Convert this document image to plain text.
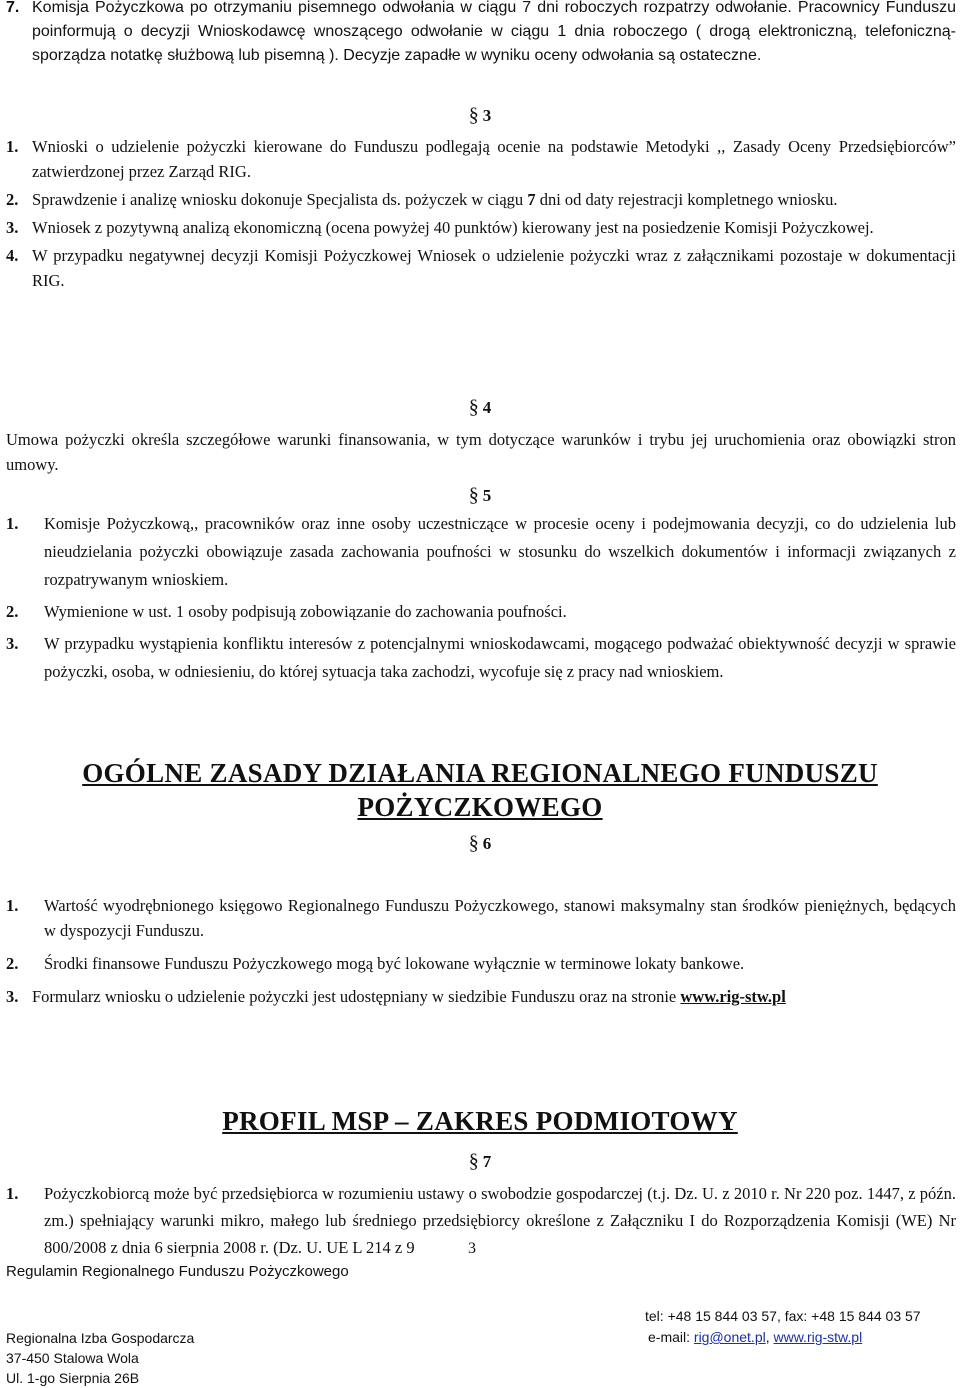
7. Komisja Pożyczkowa po otrzymaniu pisemnego odwołania w ciągu 7 dni roboczych rozpatrzy odwołanie. Pracownicy Funduszu poinformują o decyzji Wnioskodawcę wnoszącego odwołanie w ciągu 1 dnia roboczego ( drogą elektroniczną, telefoniczną- sporządza notatkę służbową lub pisemną ). Decyzje zapadłe w wyniku oceny odwołania są ostateczne.
§ 3
1. Wnioski o udzielenie pożyczki kierowane do Funduszu podlegają ocenie na podstawie Metodyki ,, Zasady Oceny Przedsiębiorców” zatwierdzonej przez Zarząd RIG.
2. Sprawdzenie i analizę wniosku dokonuje Specjalista ds. pożyczek w ciągu 7 dni od daty rejestracji kompletnego wniosku.
3. Wniosek z pozytywną analizą ekonomiczną (ocena powyżej 40 punktów) kierowany jest na posiedzenie Komisji Pożyczkowej.
4. W przypadku negatywnej decyzji Komisji Pożyczkowej Wniosek o udzielenie pożyczki wraz z załącznikami pozostaje w dokumentacji RIG.
§ 4
Umowa pożyczki określa szczegółowe warunki finansowania, w tym dotyczące warunków i trybu jej uruchomienia oraz obowiązki stron umowy.
§ 5
1. Komisje Pożyczkową,, pracowników oraz inne osoby uczestniczące w procesie oceny i podejmowania decyzji, co do udzielenia lub nieudzielania pożyczki obowiązuje zasada zachowania poufności w stosunku do wszelkich dokumentów i informacji związanych z rozpatrywanym wnioskiem.
2. Wymienione w ust. 1 osoby podpisują zobowiązanie do zachowania poufności.
3. W przypadku wystąpienia konfliktu interesów z potencjalnymi wnioskodawcami, mogącego podważać obiektywność decyzji w sprawie pożyczki, osoba, w odniesieniu, do której sytuacja taka zachodzi, wycofuje się z pracy nad wnioskiem.
OGÓLNE ZASADY DZIAŁANIA REGIONALNEGO FUNDUSZU
POŻYCZKOWEGO
§ 6
1. Wartość wyodrębnionego księgowo Regionalnego Funduszu Pożyczkowego, stanowi maksymalny stan środków pieniężnych, będących w dyspozycji Funduszu.
2. Środki finansowe Funduszu Pożyczkowego mogą być lokowane wyłącznie w terminowe lokaty bankowe.
3. Formularz wniosku o udzielenie pożyczki jest udostępniany w siedzibie Funduszu oraz na stronie www.rig-stw.pl
PROFIL MSP – ZAKRES PODMIOTOWY
§ 7
1. Pożyczkobiorcą może być przedsiębiorca w rozumieniu ustawy o swobodzie gospodarczej (t.j. Dz. U. z 2010 r. Nr 220 poz. 1447, z późn. zm.) spełniający warunki mikro, małego lub średniego przedsiębiorcy określone z Załączniku I do Rozporządzenia Komisji (WE) Nr 800/2008 z dnia 6 sierpnia 2008 r. (Dz. U. UE L 214 z 9	3
Regulamin Regionalnego Funduszu Pożyczkowego
Regionalna Izba Gospodarcza
37-450 Stalowa Wola
Ul. 1-go Sierpnia 26B
tel: +48 15 844 03 57, fax: +48 15 844 03 57
e-mail: rig@onet.pl, www.rig-stw.pl
